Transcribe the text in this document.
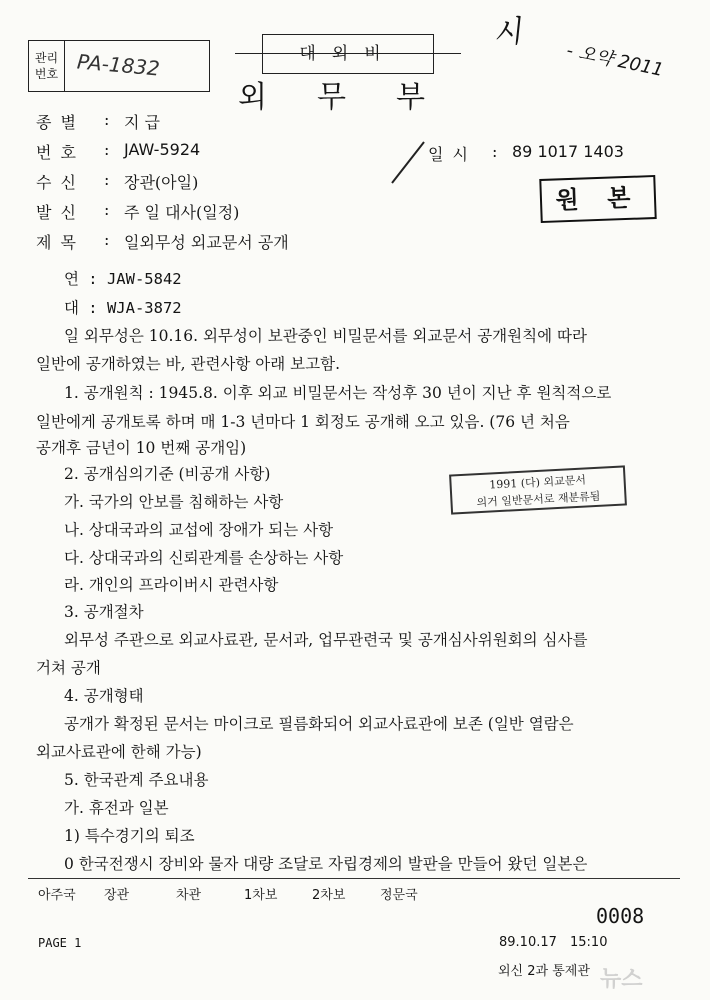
관리
번호 PA-1832	대외비
외무부
시
- 오약 2011
종 별 : 지 급
번 호 : JAW-5924	일 시 : 89 1017 1403
수 신 : 장관(아일)
발 신 : 주 일 대사(일정)
제 목 : 일외무성 외교문서 공개
원 본
연 : JAW-5842
대 : WJA-3872
일 외무성은 10.16. 외무성이 보관중인 비밀문서를 외교문서 공개원칙에 따라
일반에 공개하였는 바, 관련사항 아래 보고함.
1. 공개원칙 : 1945.8. 이후 외교 비밀문서는 작성후 30 년이 지난 후 원칙적으로
일반에게 공개토록 하며 매 1-3 년마다 1 회정도 공개해 오고 있음. (76 년 처음
공개후 금년이 10 번째 공개임)
2. 공개심의기준 (비공개 사항)
가. 국가의 안보를 침해하는 사항
나. 상대국과의 교섭에 장애가 되는 사항
다. 상대국과의 신뢰관계를 손상하는 사항
라. 개인의 프라이버시 관련사항
3. 공개절차
외무성 주관으로 외교사료관, 문서과, 업무관련국 및 공개심사위원회의 심사를
거쳐 공개
4. 공개형태
공개가 확정된 문서는 마이크로 필름화되어 외교사료관에 보존 (일반 열람은
외교사료관에 한해 가능)
5. 한국관계 주요내용
가. 휴전과 일본
1) 특수경기의 퇴조
0 한국전쟁시 장비와 물자 대량 조달로 자립경제의 발판을 만들어 왔던 일본은
1991 (다) 외교문서
의거 일반문서로 재분류됨
아주국 장관	차관	1차보	2차보	정문국
0008
PAGE 1	89.10.17 15:10
외신 2과 통제관 뉴스
